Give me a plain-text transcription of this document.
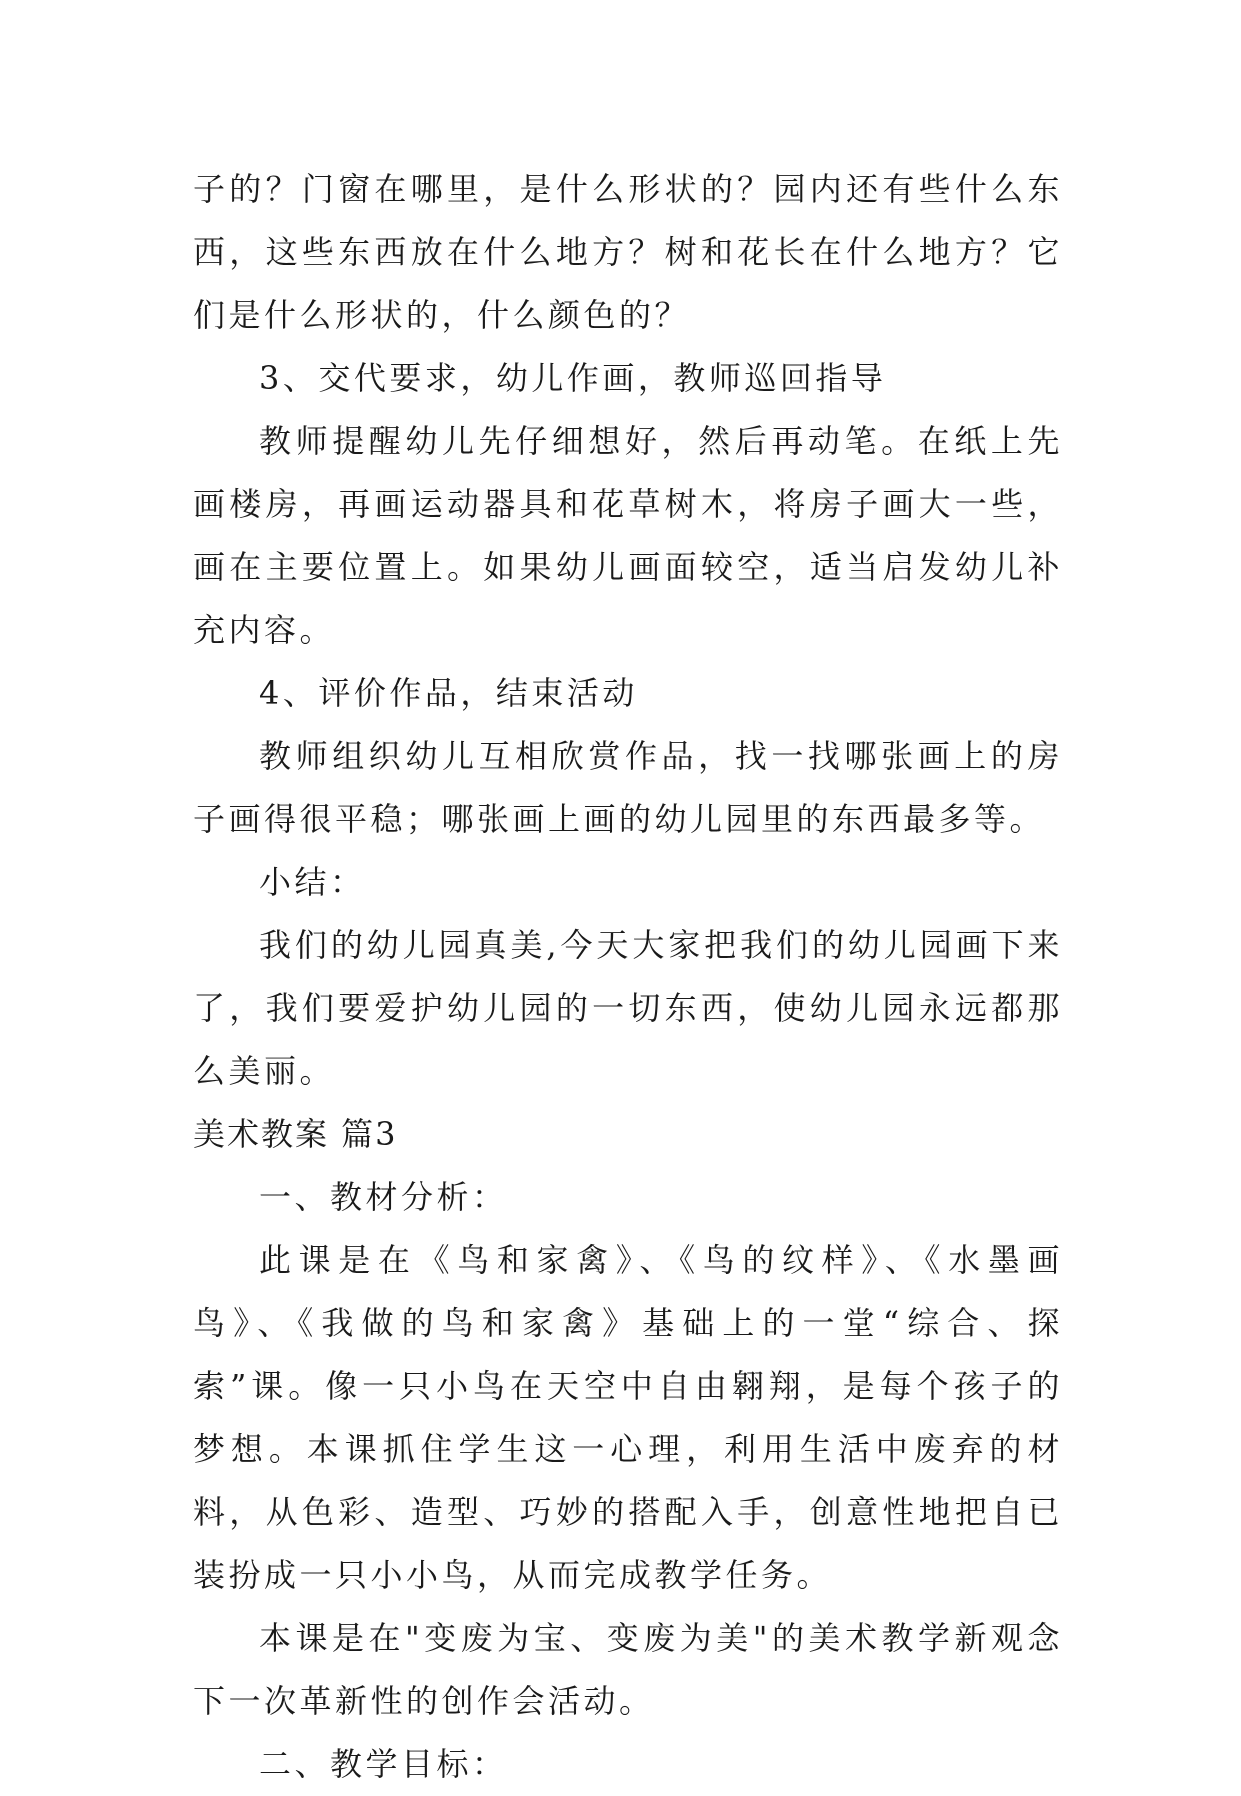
子的？门窗在哪里，是什么形状的？园内还有些什么东西，这些东西放在什么地方？树和花长在什么地方？它们是什么形状的，什么颜色的？

3、交代要求，幼儿作画，教师巡回指导

教师提醒幼儿先仔细想好，然后再动笔。在纸上先画楼房，再画运动器具和花草树木，将房子画大一些，画在主要位置上。如果幼儿画面较空，适当启发幼儿补充内容。

4、评价作品，结束活动

教师组织幼儿互相欣赏作品，找一找哪张画上的房子画得很平稳；哪张画上画的幼儿园里的东西最多等。

小结：

我们的幼儿园真美,今天大家把我们的幼儿园画下来了，我们要爱护幼儿园的一切东西，使幼儿园永远都那么美丽。

美术教案 篇3

一、教材分析：

此课是在《鸟和家禽》、《鸟的纹样》、《水墨画鸟》、《我做的鸟和家禽》基础上的一堂“综合、探索”课。像一只小鸟在天空中自由翱翔，是每个孩子的梦想。本课抓住学生这一心理，利用生活中废弃的材料，从色彩、造型、巧妙的搭配入手，创意性地把自已装扮成一只小小鸟，从而完成教学任务。

本课是在"变废为宝、变废为美"的美术教学新观念下一次革新性的创作会活动。

二、教学目标：
